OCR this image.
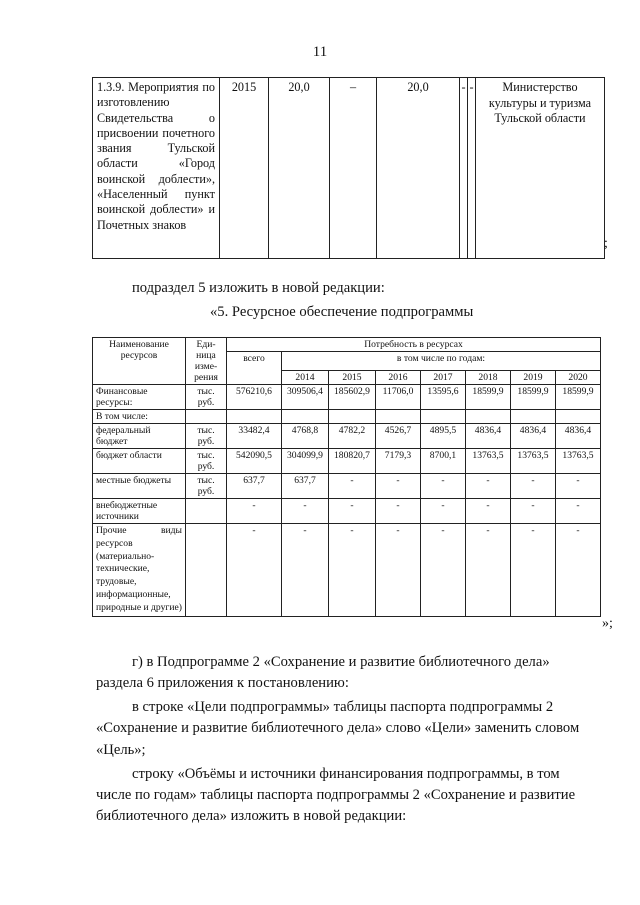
11
1.3.9. Мероприятия по изготовлению Свидетельства о присвоении почетного звания Тульской области «Город воинской доблести», «Населенный пункт воинской доблести» и Почетных знаков	2015	20,0	–	20,0	-	-	Министерство культуры и туризма Тульской области
;
подраздел 5 изложить в новой редакции:
«5. Ресурсное обеспечение подпрограммы
Наименование ресурсов	Еди-ница изме-рения	Потребность в ресурсах							
		всего	в том числе по годам:						
			2014	2015	2016	2017	2018	2019	2020
Финансовые ресурсы:	тыс. руб.	576210,6	309506,4	185602,9	11706,0	13595,6	18599,9	18599,9	18599,9
В том числе:									
федеральный бюджет	тыс. руб.	33482,4	4768,8	4782,2	4526,7	4895,5	4836,4	4836,4	4836,4
бюджет области	тыс. руб.	542090,5	304099,9	180820,7	7179,3	8700,1	13763,5	13763,5	13763,5
местные бюджеты	тыс. руб.	637,7	637,7	-	-	-	-	-	-
внебюджетные источники		-	-	-	-	-	-	-	-
Прочие виды ресурсов (материально-технические, трудовые, информационные, природные и другие)		-	-	-	-	-	-	-	-
»;
г) в Подпрограмме 2 «Сохранение и развитие библиотечного дела»
раздела 6 приложения к постановлению:
в строке «Цели подпрограммы» таблицы паспорта подпрограммы 2
«Сохранение и развитие библиотечного дела» слово «Цели» заменить словом
«Цель»;
строку «Объёмы и источники финансирования подпрограммы, в том
числе по годам» таблицы паспорта подпрограммы 2 «Сохранение и развитие
библиотечного дела» изложить в новой редакции:
